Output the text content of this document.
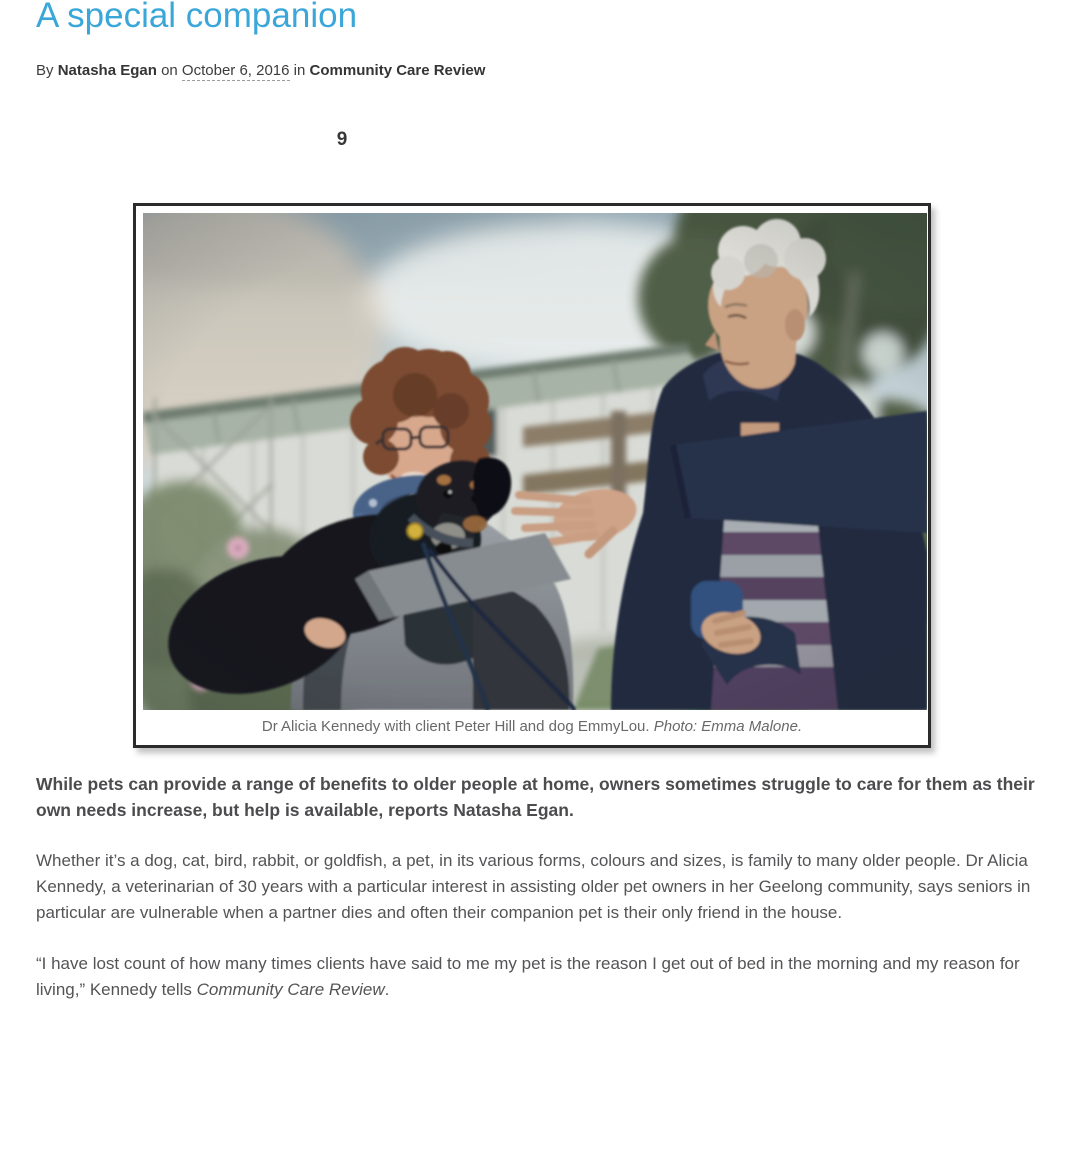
A special companion
By Natasha Egan on October 6, 2016 in Community Care Review
9
Dr Alicia Kennedy with client Peter Hill and dog EmmyLou. Photo: Emma Malone.

While pets can provide a range of benefits to older people at home, owners sometimes struggle to care for them as their own needs increase, but help is available, reports Natasha Egan.

Whether it’s a dog, cat, bird, rabbit, or goldfish, a pet, in its various forms, colours and sizes, is family to many older people. Dr Alicia Kennedy, a veterinarian of 30 years with a particular interest in assisting older pet owners in her Geelong community, says seniors in particular are vulnerable when a partner dies and often their companion pet is their only friend in the house.

“I have lost count of how many times clients have said to me my pet is the reason I get out of bed in the morning and my reason for living,” Kennedy tells Community Care Review.
